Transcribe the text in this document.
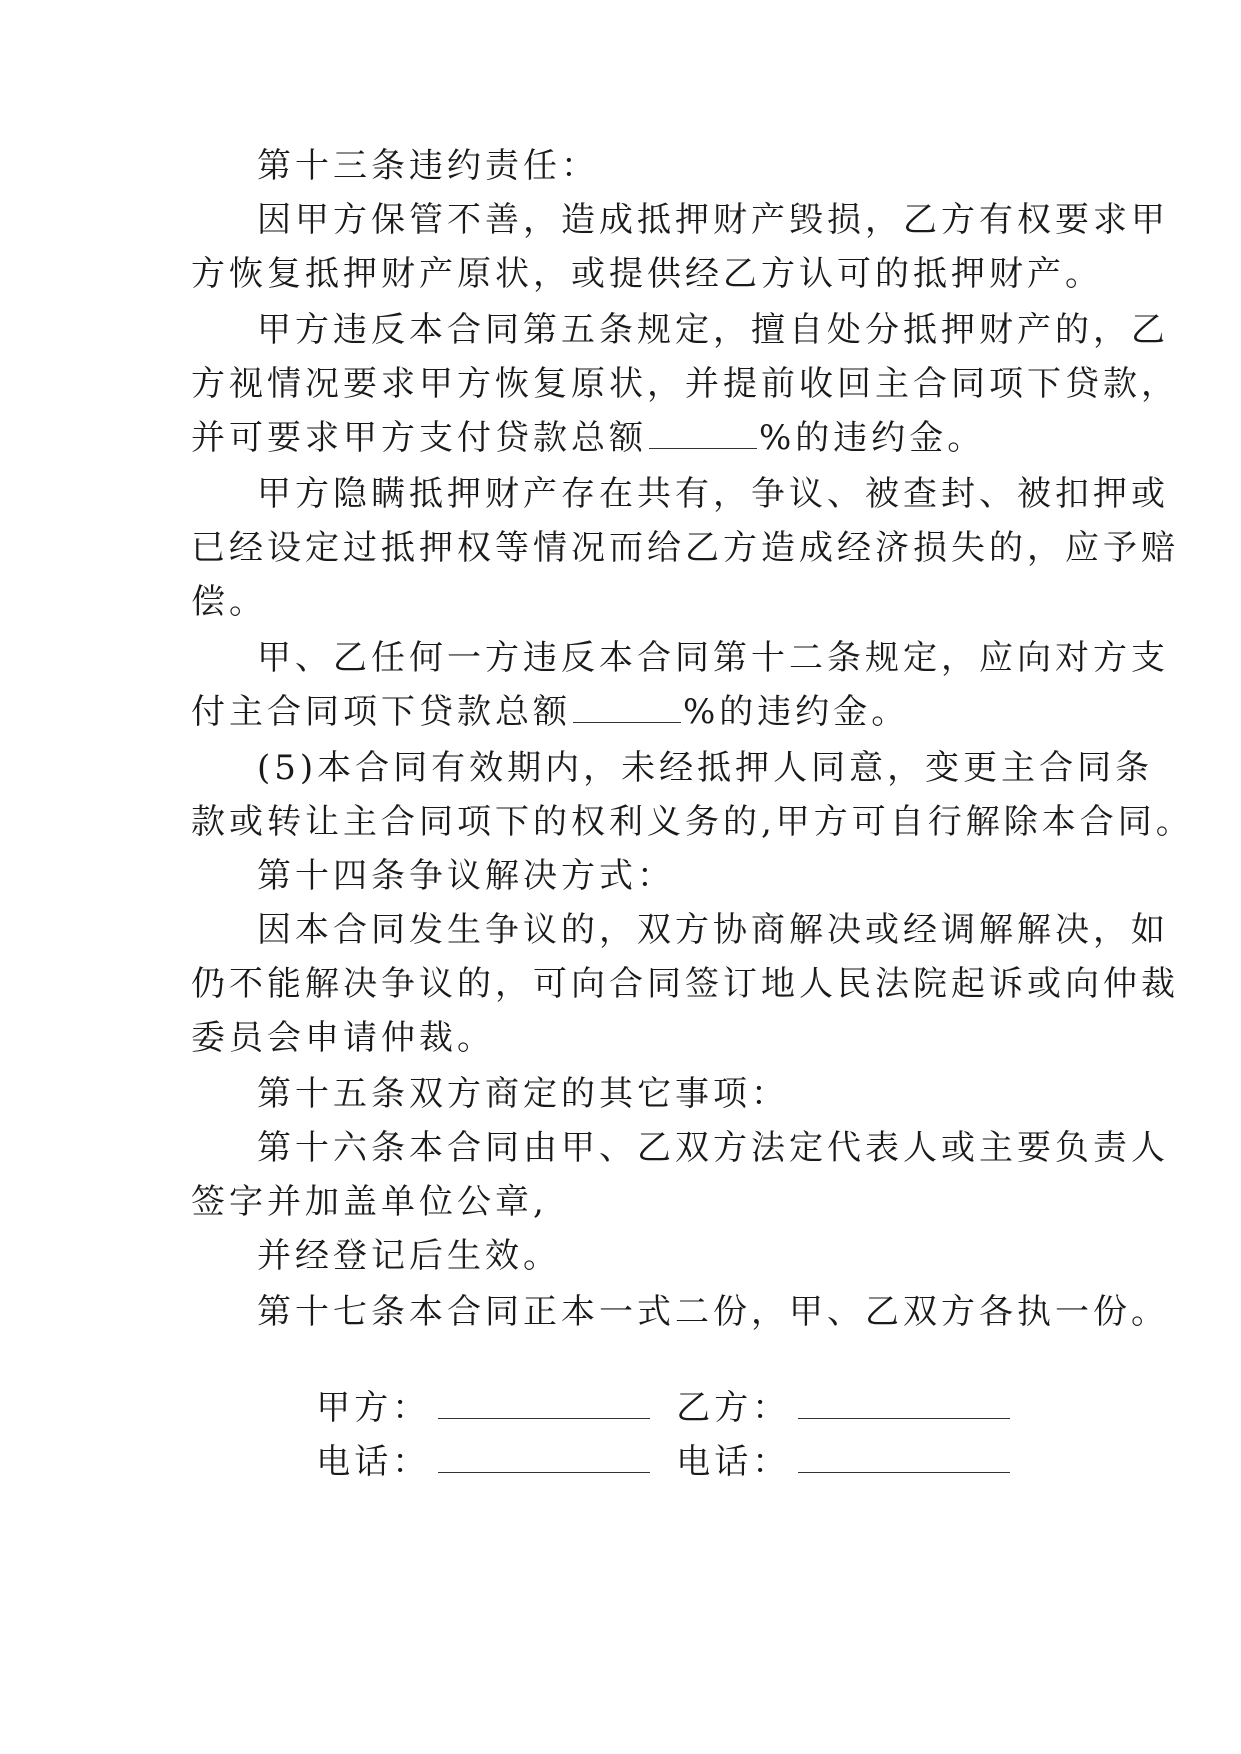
第十三条违约责任：

因甲方保管不善，造成抵押财产毁损，乙方有权要求甲

方恢复抵押财产原状，或提供经乙方认可的抵押财产。

甲方违反本合同第五条规定，擅自处分抵押财产的，乙

方视情况要求甲方恢复原状，并提前收回主合同项下贷款，

并可要求甲方支付贷款总额	%的违约金。

甲方隐瞒抵押财产存在共有，争议、被查封、被扣押或

已经设定过抵押权等情况而给乙方造成经济损失的，应予赔

偿。

甲、乙任何一方违反本合同第十二条规定，应向对方支

付主合同项下贷款总额	%的违约金。

(5)本合同有效期内，未经抵押人同意，变更主合同条

款或转让主合同项下的权利义务的,甲方可自行解除本合同。

第十四条争议解决方式：

因本合同发生争议的，双方协商解决或经调解解决，如

仍不能解决争议的，可向合同签订地人民法院起诉或向仲裁

委员会申请仲裁。

第十五条双方商定的其它事项：

第十六条本合同由甲、乙双方法定代表人或主要负责人

签字并加盖单位公章,

并经登记后生效。

第十七条本合同正本一式二份，甲、乙双方各执一份。

甲方：	乙方：

电话：	电话：
